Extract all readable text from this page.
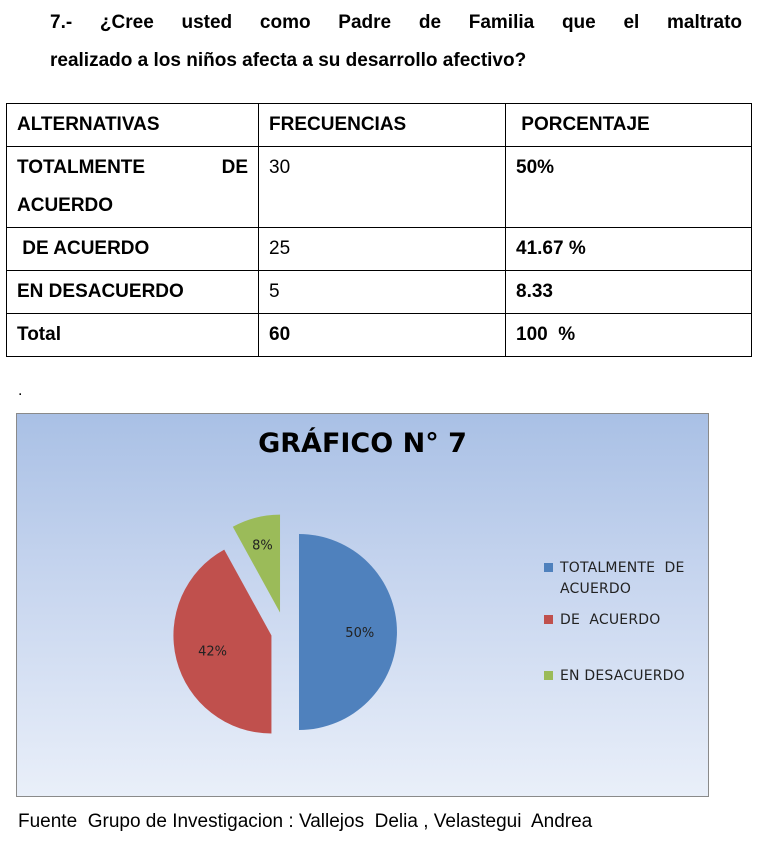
7.- ¿Cree usted como Padre de Familia que el maltrato
realizado a los niños afecta a su desarrollo afectivo?
ALTERNATIVAS	FRECUENCIAS	PORCENTAJE

TOTALMENTE DE
ACUERDO	30	50%
DE ACUERDO	25	41.67 %
EN DESACUERDO	5	8.33
Total	60	100  %
.
GRÁFICO N° 7
50%
42%
8%
TOTALMENTE  DE ACUERDO
DE  ACUERDO
EN DESACUERDO
Fuente  Grupo de Investigacion : Vallejos  Delia , Velastegui  Andrea
